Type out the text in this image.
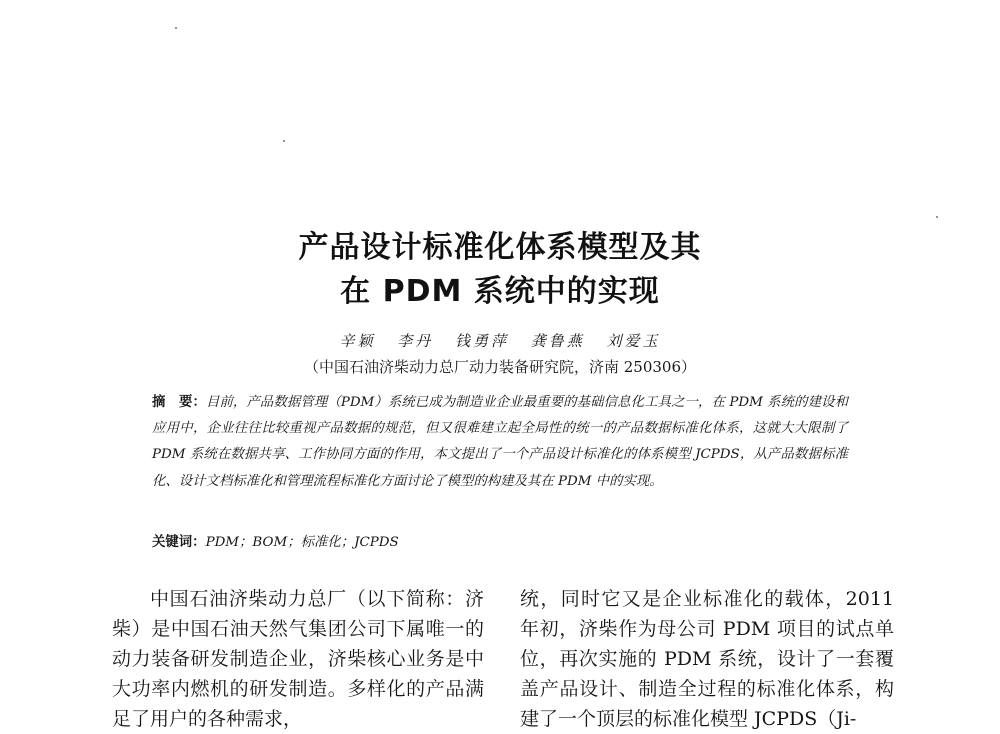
产品设计标准化体系模型及其
在 PDM 系统中的实现
辛颖 李丹 钱勇萍 龚鲁燕 刘爱玉
（中国石油济柴动力总厂动力装备研究院，济南 250306）
摘　要：目前，产品数据管理（PDM）系统已成为制造业企业最重要的基础信息化工具之一，在 PDM 系统的建设和应用中，企业往往比较重视产品数据的规范，但又很难建立起全局性的统一的产品数据标准化体系，这就大大限制了 PDM 系统在数据共享、工作协同方面的作用，本文提出了一个产品设计标准化的体系模型 JCPDS，从产品数据标准化、设计文档标准化和管理流程标准化方面讨论了模型的构建及其在 PDM 中的实现。
关键词：PDM；BOM；标准化；JCPDS
中国石油济柴动力总厂（以下简称：济柴）是中国石油天然气集团公司下属唯一的动力装备研发制造企业，济柴核心业务是中大功率内燃机的研发制造。多样化的产品满足了用户的各种需求，
统，同时它又是企业标准化的载体，2011 年初，济柴作为母公司 PDM 项目的试点单位，再次实施的 PDM 系统，设计了一套覆盖产品设计、制造全过程的标准化体系，构建了一个顶层的标准化模型 JCPDS（Ji-
